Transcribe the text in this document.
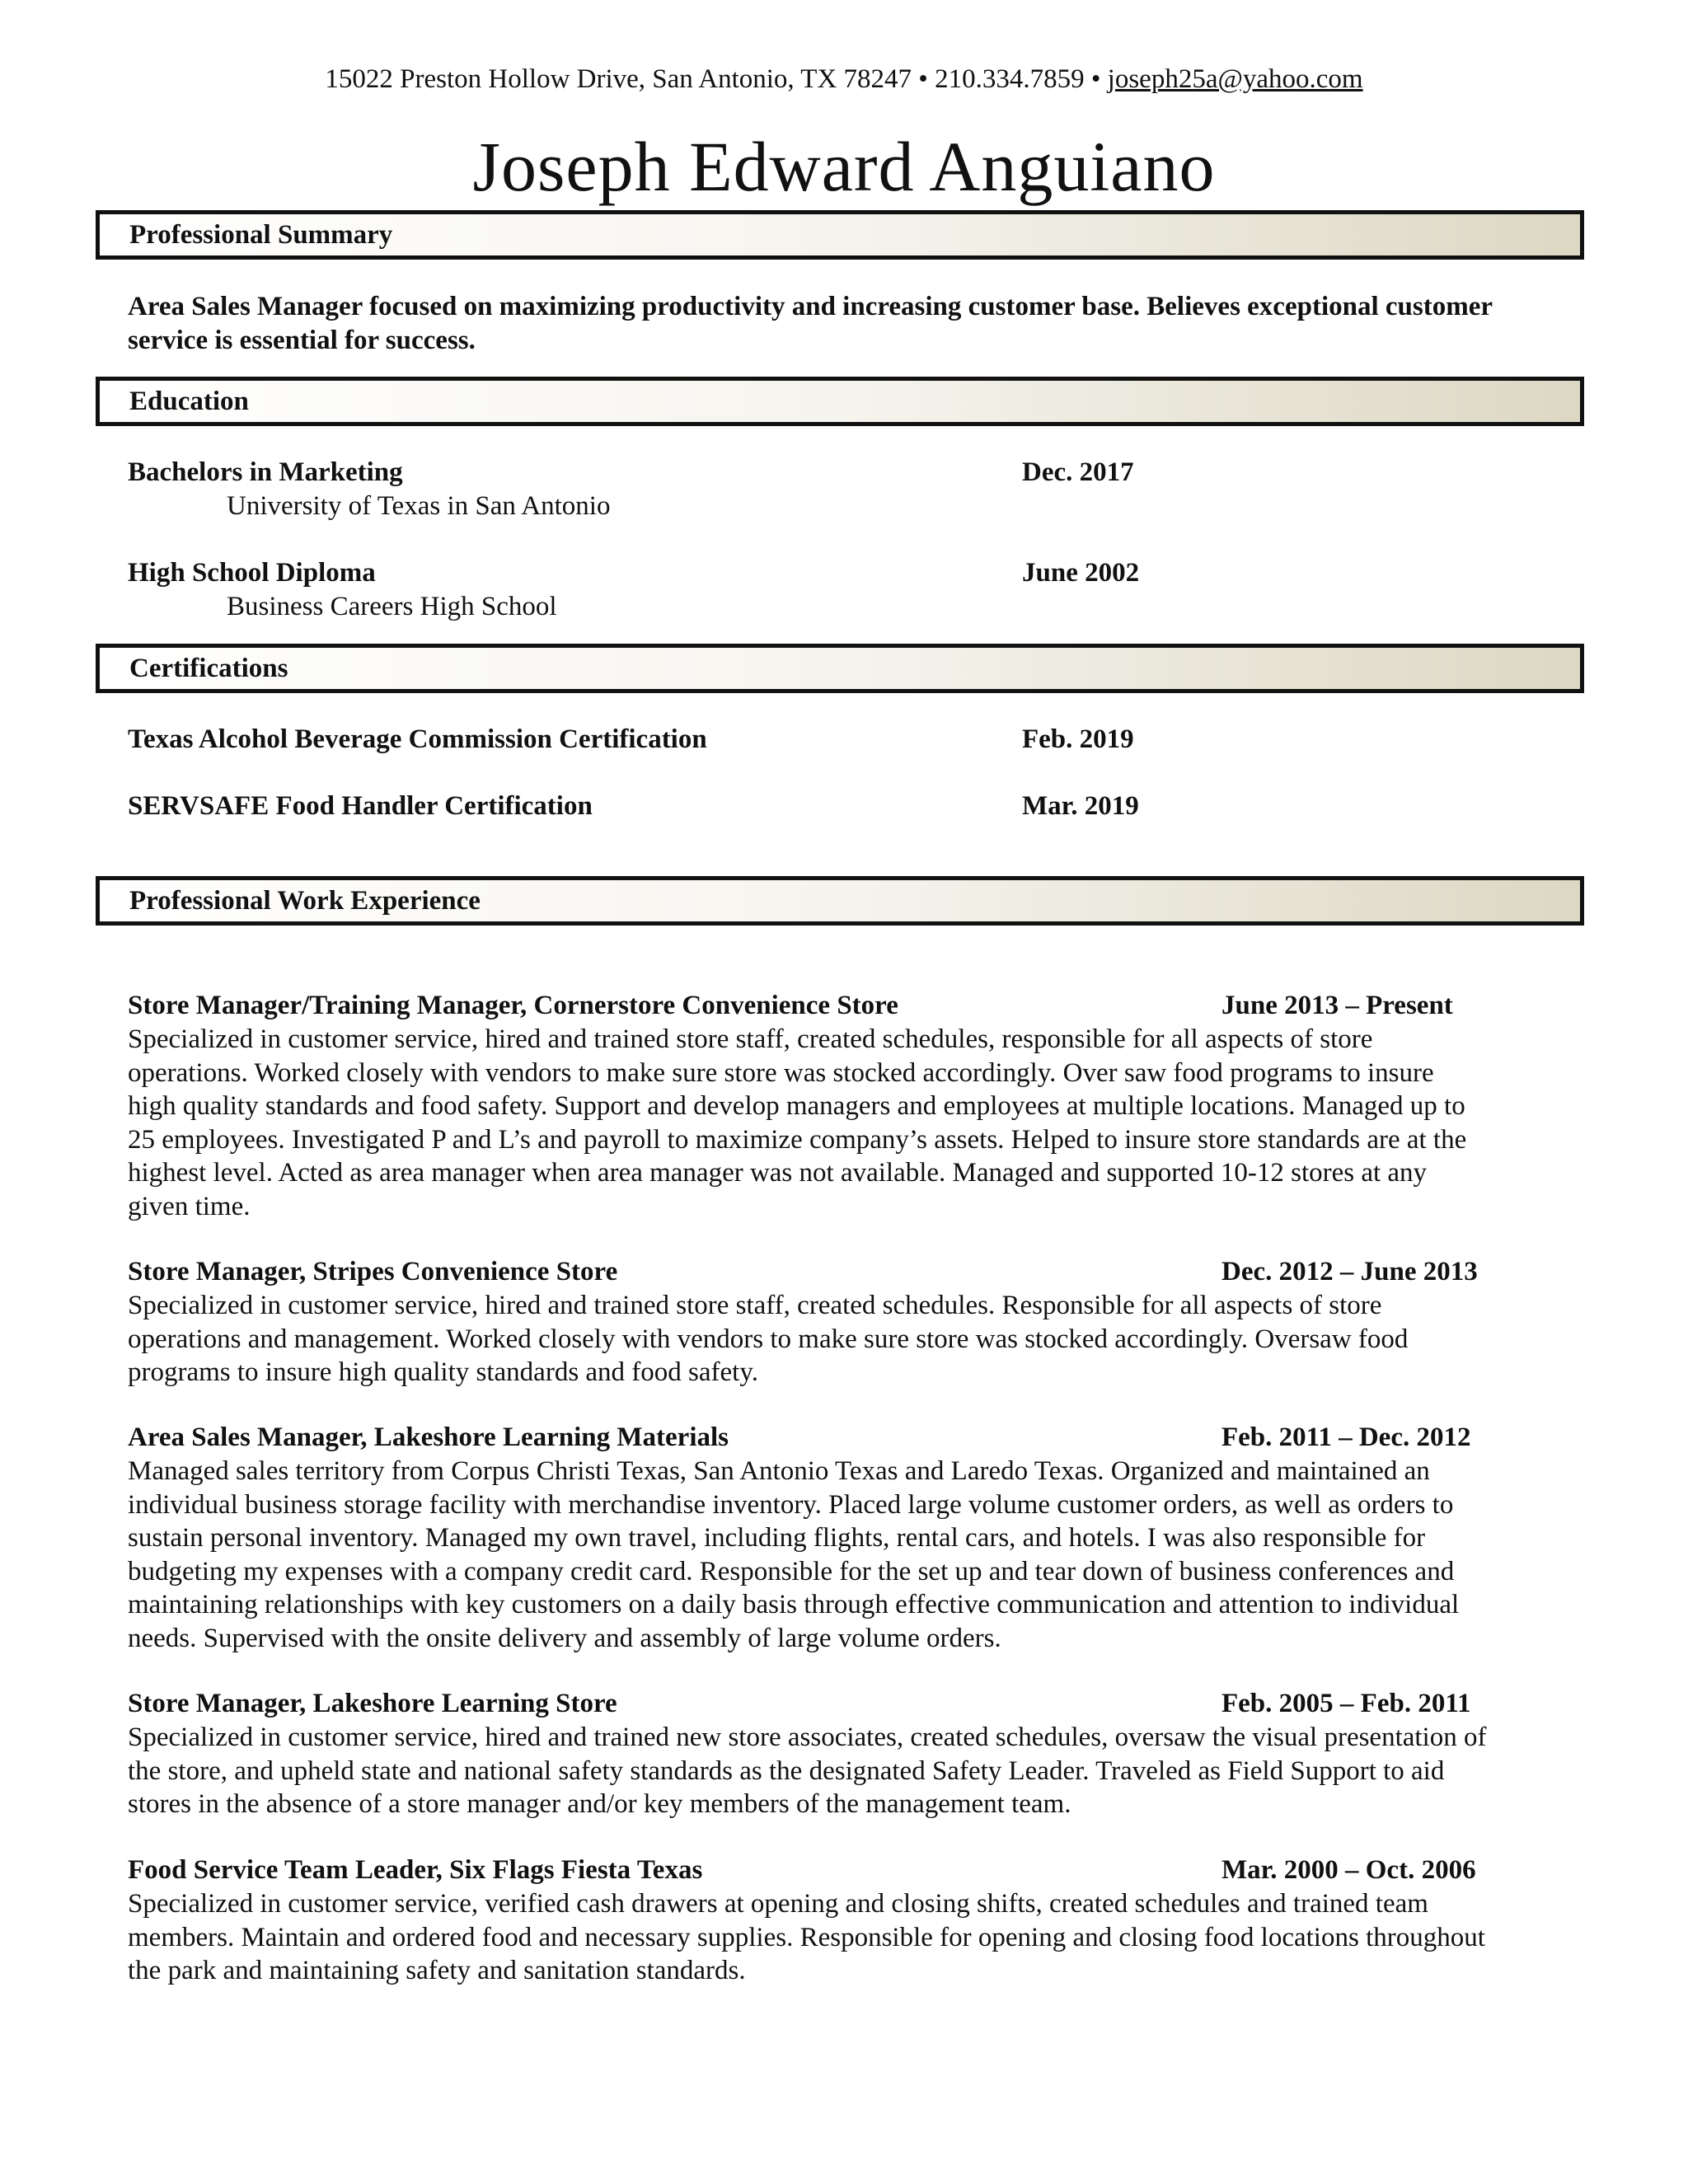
15022 Preston Hollow Drive, San Antonio, TX 78247 • 210.334.7859 • joseph25a@yahoo.com
Joseph Edward Anguiano
Professional Summary
Area Sales Manager focused on maximizing productivity and increasing customer base. Believes exceptional customer service is essential for success.
Education
Bachelors in Marketing	Dec. 2017
University of Texas in San Antonio
High School Diploma	June 2002
Business Careers High School
Certifications
Texas Alcohol Beverage Commission Certification	Feb. 2019
SERVSAFE Food Handler Certification	Mar. 2019
Professional Work Experience
Store Manager/Training Manager, Cornerstore Convenience Store	June 2013 – Present
Specialized in customer service, hired and trained store staff, created schedules, responsible for all aspects of store
operations. Worked closely with vendors to make sure store was stocked accordingly. Over saw food programs to insure
high quality standards and food safety. Support and develop managers and employees at multiple locations. Managed up to
25 employees. Investigated P and L’s and payroll to maximize company’s assets. Helped to insure store standards are at the
highest level. Acted as area manager when area manager was not available. Managed and supported 10-12 stores at any
given time.
Store Manager, Stripes Convenience Store	Dec. 2012 – June 2013
Specialized in customer service, hired and trained store staff, created schedules. Responsible for all aspects of store
operations and management. Worked closely with vendors to make sure store was stocked accordingly. Oversaw food
programs to insure high quality standards and food safety.
Area Sales Manager, Lakeshore Learning Materials	Feb. 2011 – Dec. 2012
Managed sales territory from Corpus Christi Texas, San Antonio Texas and Laredo Texas. Organized and maintained an
individual business storage facility with merchandise inventory. Placed large volume customer orders, as well as orders to
sustain personal inventory. Managed my own travel, including flights, rental cars, and hotels. I was also responsible for
budgeting my expenses with a company credit card. Responsible for the set up and tear down of business conferences and
maintaining relationships with key customers on a daily basis through effective communication and attention to individual
needs. Supervised with the onsite delivery and assembly of large volume orders.
Store Manager, Lakeshore Learning Store	Feb. 2005 – Feb. 2011
Specialized in customer service, hired and trained new store associates, created schedules, oversaw the visual presentation of
the store, and upheld state and national safety standards as the designated Safety Leader. Traveled as Field Support to aid
stores in the absence of a store manager and/or key members of the management team.
Food Service Team Leader, Six Flags Fiesta Texas	Mar. 2000 – Oct. 2006
Specialized in customer service, verified cash drawers at opening and closing shifts, created schedules and trained team
members. Maintain and ordered food and necessary supplies. Responsible for opening and closing food locations throughout
the park and maintaining safety and sanitation standards.
